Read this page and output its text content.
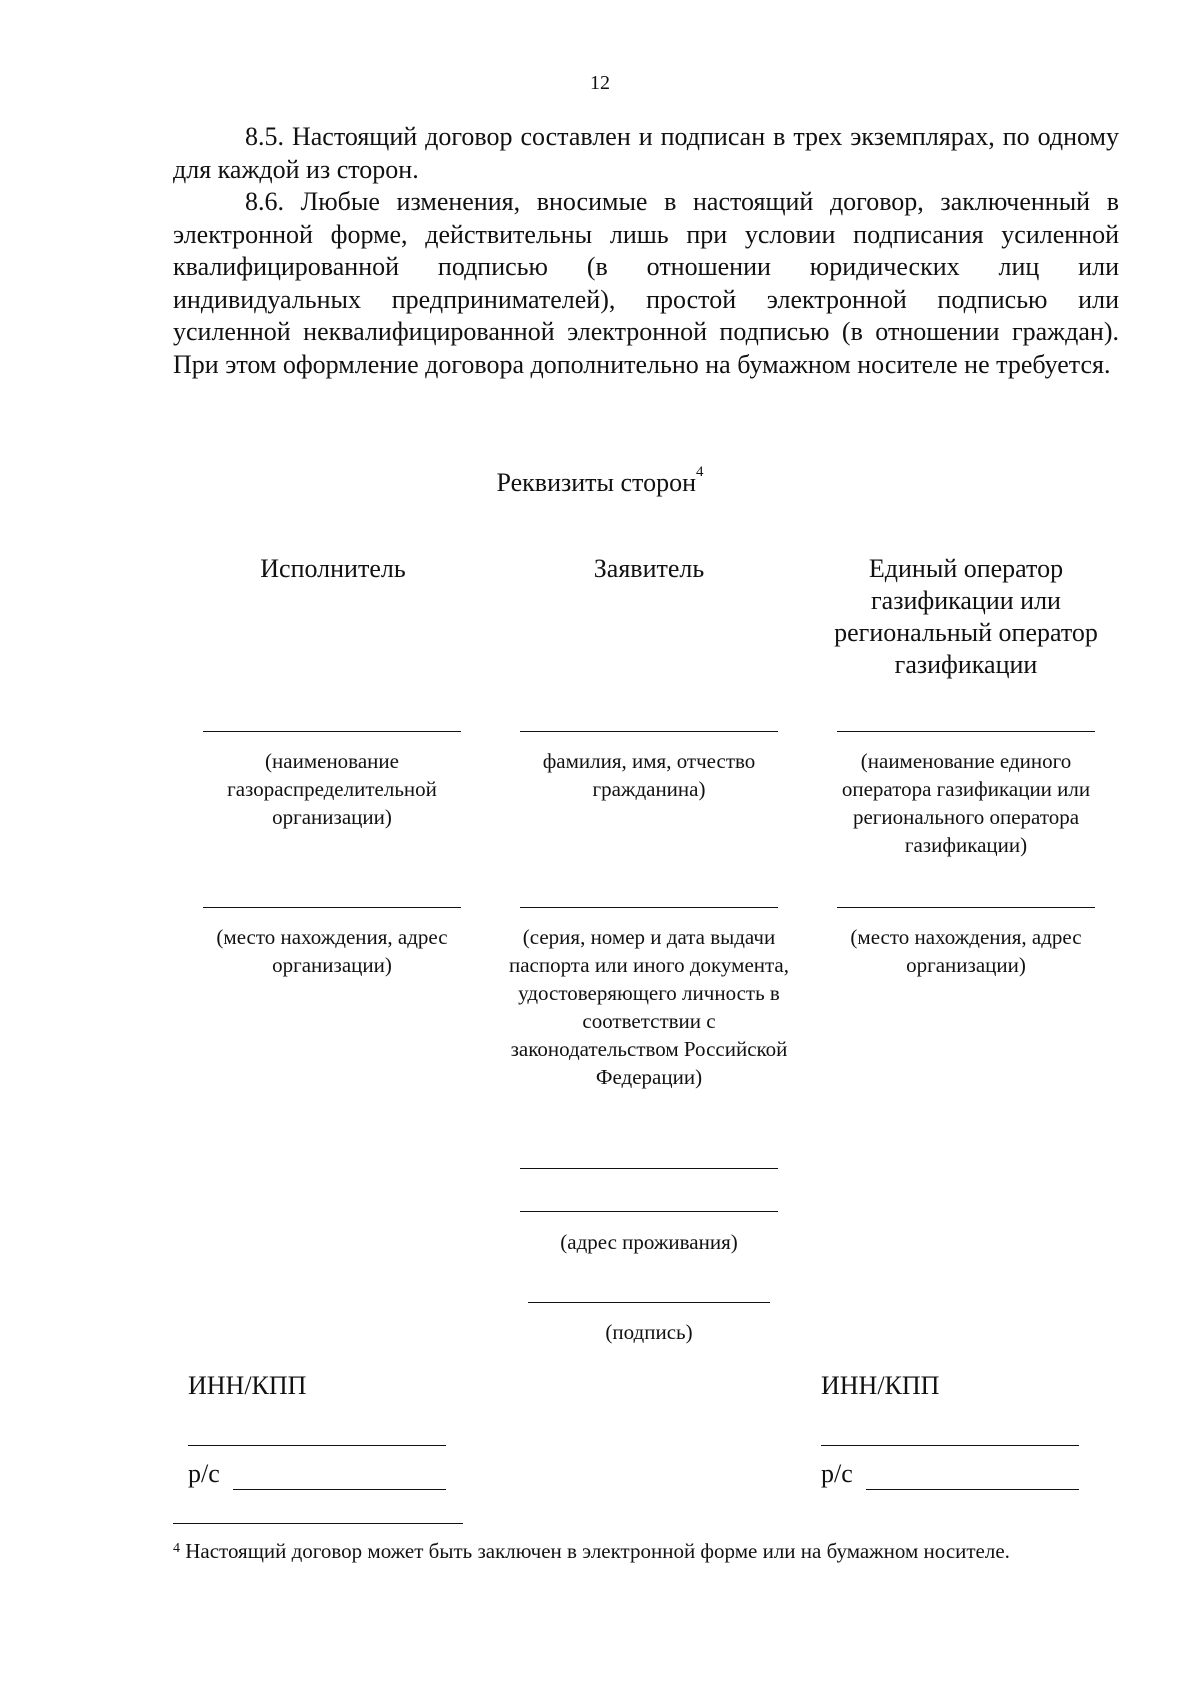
12

8.5. Настоящий договор составлен и подписан в трех экземплярах, по одному для каждой из сторон.

8.6. Любые изменения, вносимые в настоящий договор, заключенный в электронной форме, действительны лишь при условии подписания усиленной квалифицированной подписью (в отношении юридических лиц или индивидуальных предпринимателей), простой электронной подписью или усиленной неквалифицированной электронной подписью (в отношении граждан). При этом оформление договора дополнительно на бумажном носителе не требуется.

Реквизиты сторон$^4$
Исполнитель
(наименование газораспределительной организации)
(место нахождения, адрес организации)
Заявитель
фамилия, имя, отчество гражданина)
(серия, номер и дата выдачи паспорта или иного документа, удостоверяющего личность в соответствии с законодательством Российской Федерации)
(адрес проживания)
(подпись)
Единый оператор газификации или региональный оператор газификации
(наименование единого оператора газификации или регионального оператора газификации)
(место нахождения, адрес организации)
ИНН/КПП
р/с
ИНН/КПП
р/с

$^4$ Настоящий договор может быть заключен в электронной форме или на бумажном носителе.
